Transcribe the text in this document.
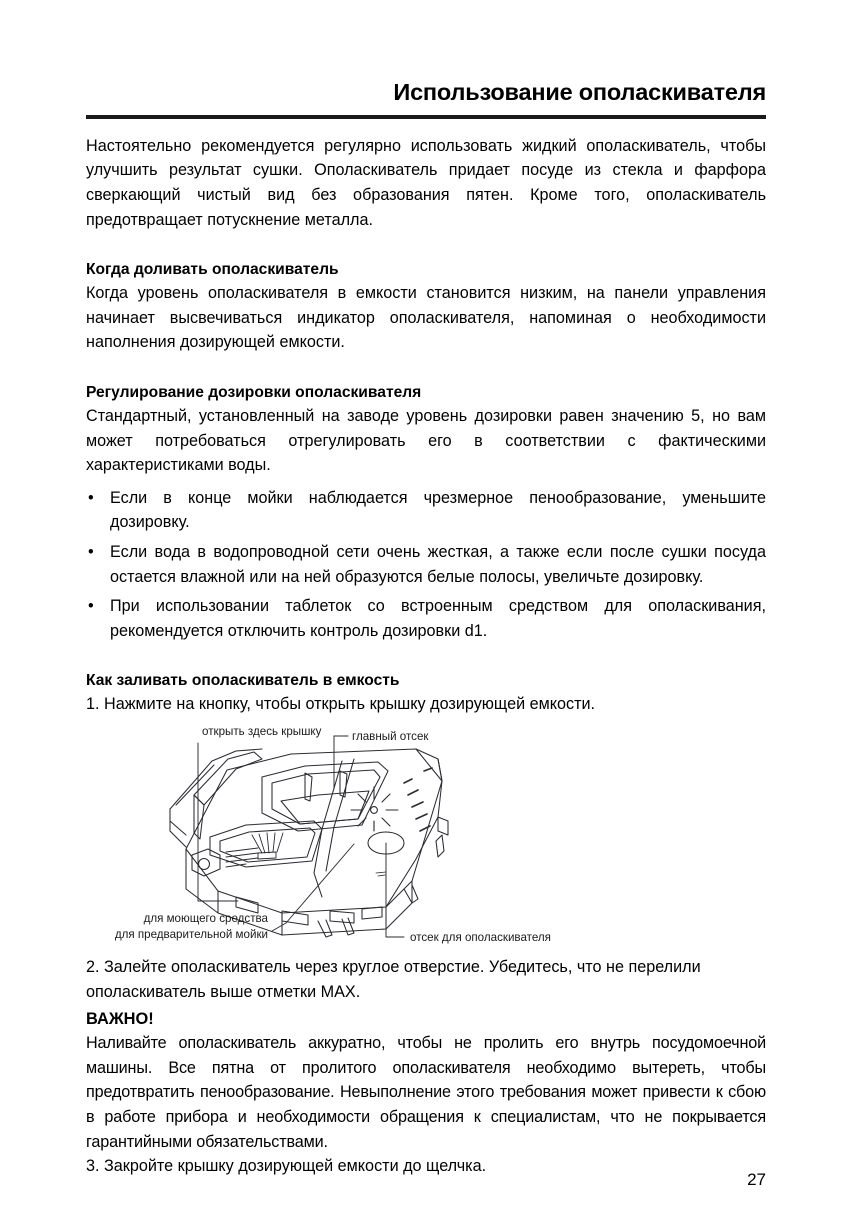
Использование ополаскивателя

Настоятельно рекомендуется регулярно использовать жидкий ополаскиватель, чтобы улучшить результат сушки. Ополаскиватель придает посуде из стекла и фарфора сверкающий чистый вид без образования пятен. Кроме того, ополаскиватель предотвращает потускнение металла.

Когда доливать ополаскиватель

Когда уровень ополаскивателя в емкости становится низким, на панели управления начинает высвечиваться индикатор ополаскивателя, напоминая о необходимости наполнения дозирующей емкости.

Регулирование дозировки ополаскивателя

Стандартный, установленный на заводе уровень дозировки равен значению 5, но вам может потребоваться отрегулировать его в соответствии с фактическими характеристиками воды.

• Если в конце мойки наблюдается чрезмерное пенообразование, уменьшите дозировку.
• Если вода в водопроводной сети очень жесткая, а также если после сушки посуда остается влажной или на ней образуются белые полосы, увеличьте дозировку.
• При использовании таблеток со встроенным средством для ополаскивания, рекомендуется отключить контроль дозировки d1.
Как заливать ополаскиватель в емкость

1. Нажмите на кнопку, чтобы открыть крышку дозирующей емкости.

открыть здесь крышку	главный отсек
для моющего средства
для предварительной мойки	отсек для ополаскивателя

2. Залейте ополаскиватель через круглое отверстие. Убедитесь, что не перелили ополаскиватель выше отметки MAX.

ВАЖНО!

Наливайте ополаскиватель аккуратно, чтобы не пролить его внутрь посудомоечной машины. Все пятна от пролитого ополаскивателя необходимо вытереть, чтобы предотвратить пенообразование. Невыполнение этого требования может привести к сбою в работе прибора и необходимости обращения к специалистам, что не покрывается гарантийными обязательствами.

3. Закройте крышку дозирующей емкости до щелчка.

27
